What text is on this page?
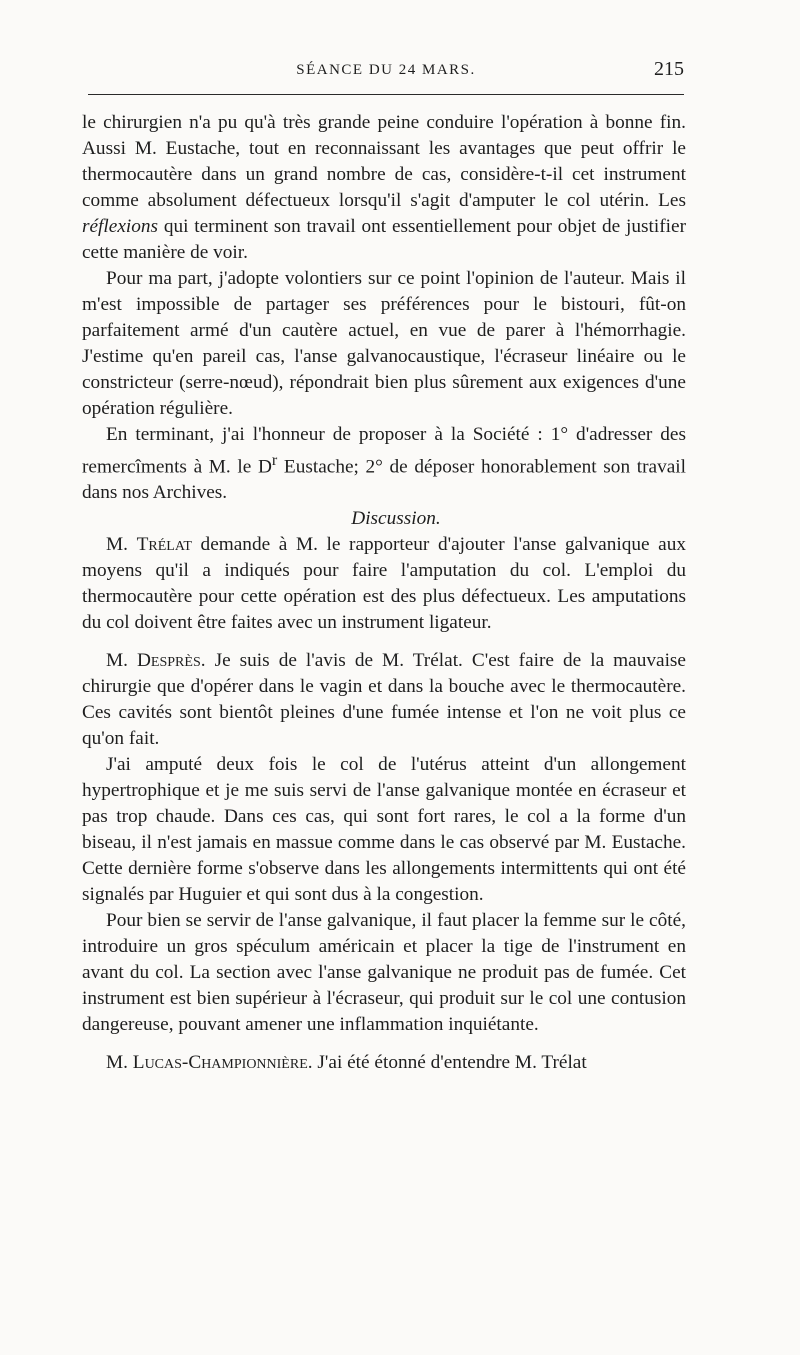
SÉANCE DU 24 MARS.	215

le chirurgien n'a pu qu'à très grande peine conduire l'opération à bonne fin. Aussi M. Eustache, tout en reconnaissant les avantages que peut offrir le thermocautère dans un grand nombre de cas, considère-t-il cet instrument comme absolument défectueux lorsqu'il s'agit d'amputer le col utérin. Les réflexions qui terminent son travail ont essentiellement pour objet de justifier cette manière de voir.

Pour ma part, j'adopte volontiers sur ce point l'opinion de l'auteur. Mais il m'est impossible de partager ses préférences pour le bistouri, fût-on parfaitement armé d'un cautère actuel, en vue de parer à l'hémorrhagie. J'estime qu'en pareil cas, l'anse galvanocaustique, l'écraseur linéaire ou le constricteur (serre-nœud), répondrait bien plus sûrement aux exigences d'une opération régulière.

En terminant, j'ai l'honneur de proposer à la Société : 1° d'adresser des remercîments à M. le $D^r$ Eustache; 2° de déposer honorablement son travail dans nos Archives.

Discussion.

M. Trélat demande à M. le rapporteur d'ajouter l'anse galvanique aux moyens qu'il a indiqués pour faire l'amputation du col. L'emploi du thermocautère pour cette opération est des plus défectueux. Les amputations du col doivent être faites avec un instrument ligateur.

M. Desprès. Je suis de l'avis de M. Trélat. C'est faire de la mauvaise chirurgie que d'opérer dans le vagin et dans la bouche avec le thermocautère. Ces cavités sont bientôt pleines d'une fumée intense et l'on ne voit plus ce qu'on fait.

J'ai amputé deux fois le col de l'utérus atteint d'un allongement hypertrophique et je me suis servi de l'anse galvanique montée en écraseur et pas trop chaude. Dans ces cas, qui sont fort rares, le col a la forme d'un biseau, il n'est jamais en massue comme dans le cas observé par M. Eustache. Cette dernière forme s'observe dans les allongements intermittents qui ont été signalés par Huguier et qui sont dus à la congestion.

Pour bien se servir de l'anse galvanique, il faut placer la femme sur le côté, introduire un gros spéculum américain et placer la tige de l'instrument en avant du col. La section avec l'anse galvanique ne produit pas de fumée. Cet instrument est bien supérieur à l'écraseur, qui produit sur le col une contusion dangereuse, pouvant amener une inflammation inquiétante.

M. Lucas-Championnière. J'ai été étonné d'entendre M. Trélat
